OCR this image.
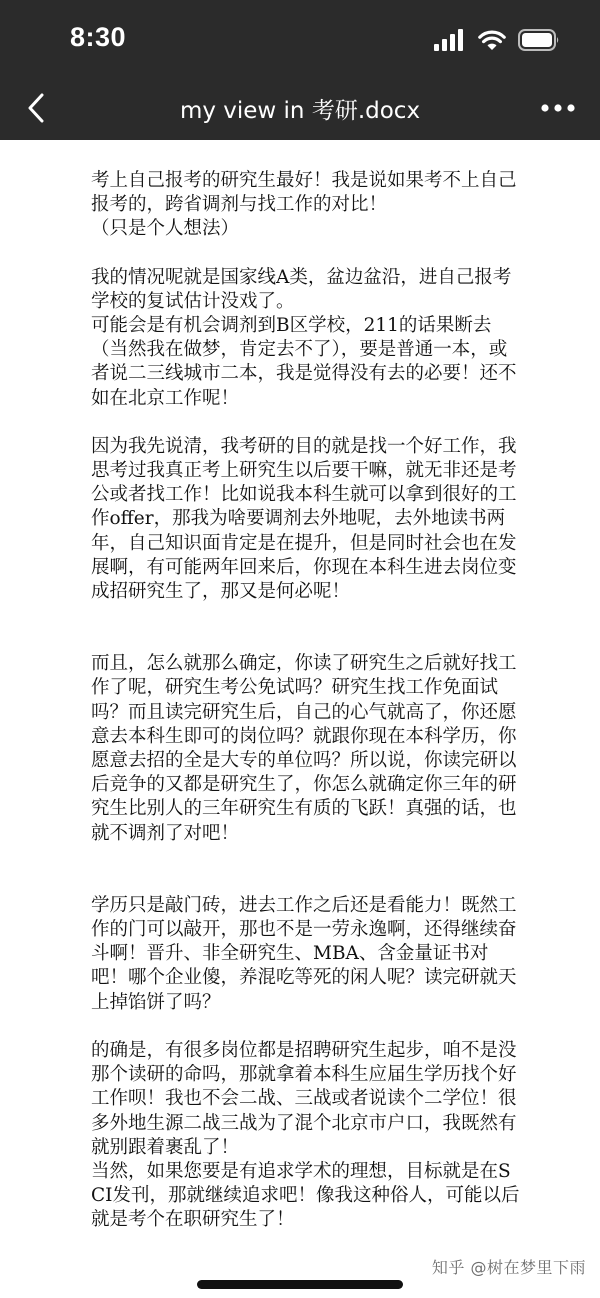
8:30
my view in 考研.docx

考上自己报考的研究生最好！我是说如果考不上自己报考的，跨省调剂与找工作的对比！
（只是个人想法）

我的情况呢就是国家线A类，盆边盆沿，进自己报考学校的复试估计没戏了。
可能会是有机会调剂到B区学校，211的话果断去（当然我在做梦，肯定去不了），要是普通一本，或者说二三线城市二本，我是觉得没有去的必要！还不如在北京工作呢！

因为我先说清，我考研的目的就是找一个好工作，我思考过我真正考上研究生以后要干嘛，就无非还是考公或者找工作！比如说我本科生就可以拿到很好的工作offer，那我为啥要调剂去外地呢，去外地读书两年，自己知识面肯定是在提升，但是同时社会也在发展啊，有可能两年回来后，你现在本科生进去岗位变成招研究生了，那又是何必呢！

而且，怎么就那么确定，你读了研究生之后就好找工作了呢，研究生考公免试吗？研究生找工作免面试吗？而且读完研究生后，自己的心气就高了，你还愿意去本科生即可的岗位吗？就跟你现在本科学历，你愿意去招的全是大专的单位吗？所以说，你读完研以后竞争的又都是研究生了，你怎么就确定你三年的研究生比别人的三年研究生有质的飞跃！真强的话，也就不调剂了对吧！

学历只是敲门砖，进去工作之后还是看能力！既然工作的门可以敲开，那也不是一劳永逸啊，还得继续奋斗啊！晋升、非全研究生、MBA、含金量证书对吧！哪个企业傻，养混吃等死的闲人呢？读完研就天上掉馅饼了吗？

的确是，有很多岗位都是招聘研究生起步，咱不是没那个读研的命吗，那就拿着本科生应届生学历找个好工作呗！我也不会二战、三战或者说读个二学位！很多外地生源二战三战为了混个北京市户口，我既然有就别跟着裹乱了！
当然，如果您要是有追求学术的理想，目标就是在SCI发刊，那就继续追求吧！像我这种俗人，可能以后就是考个在职研究生了！

知乎 @树在梦里下雨
